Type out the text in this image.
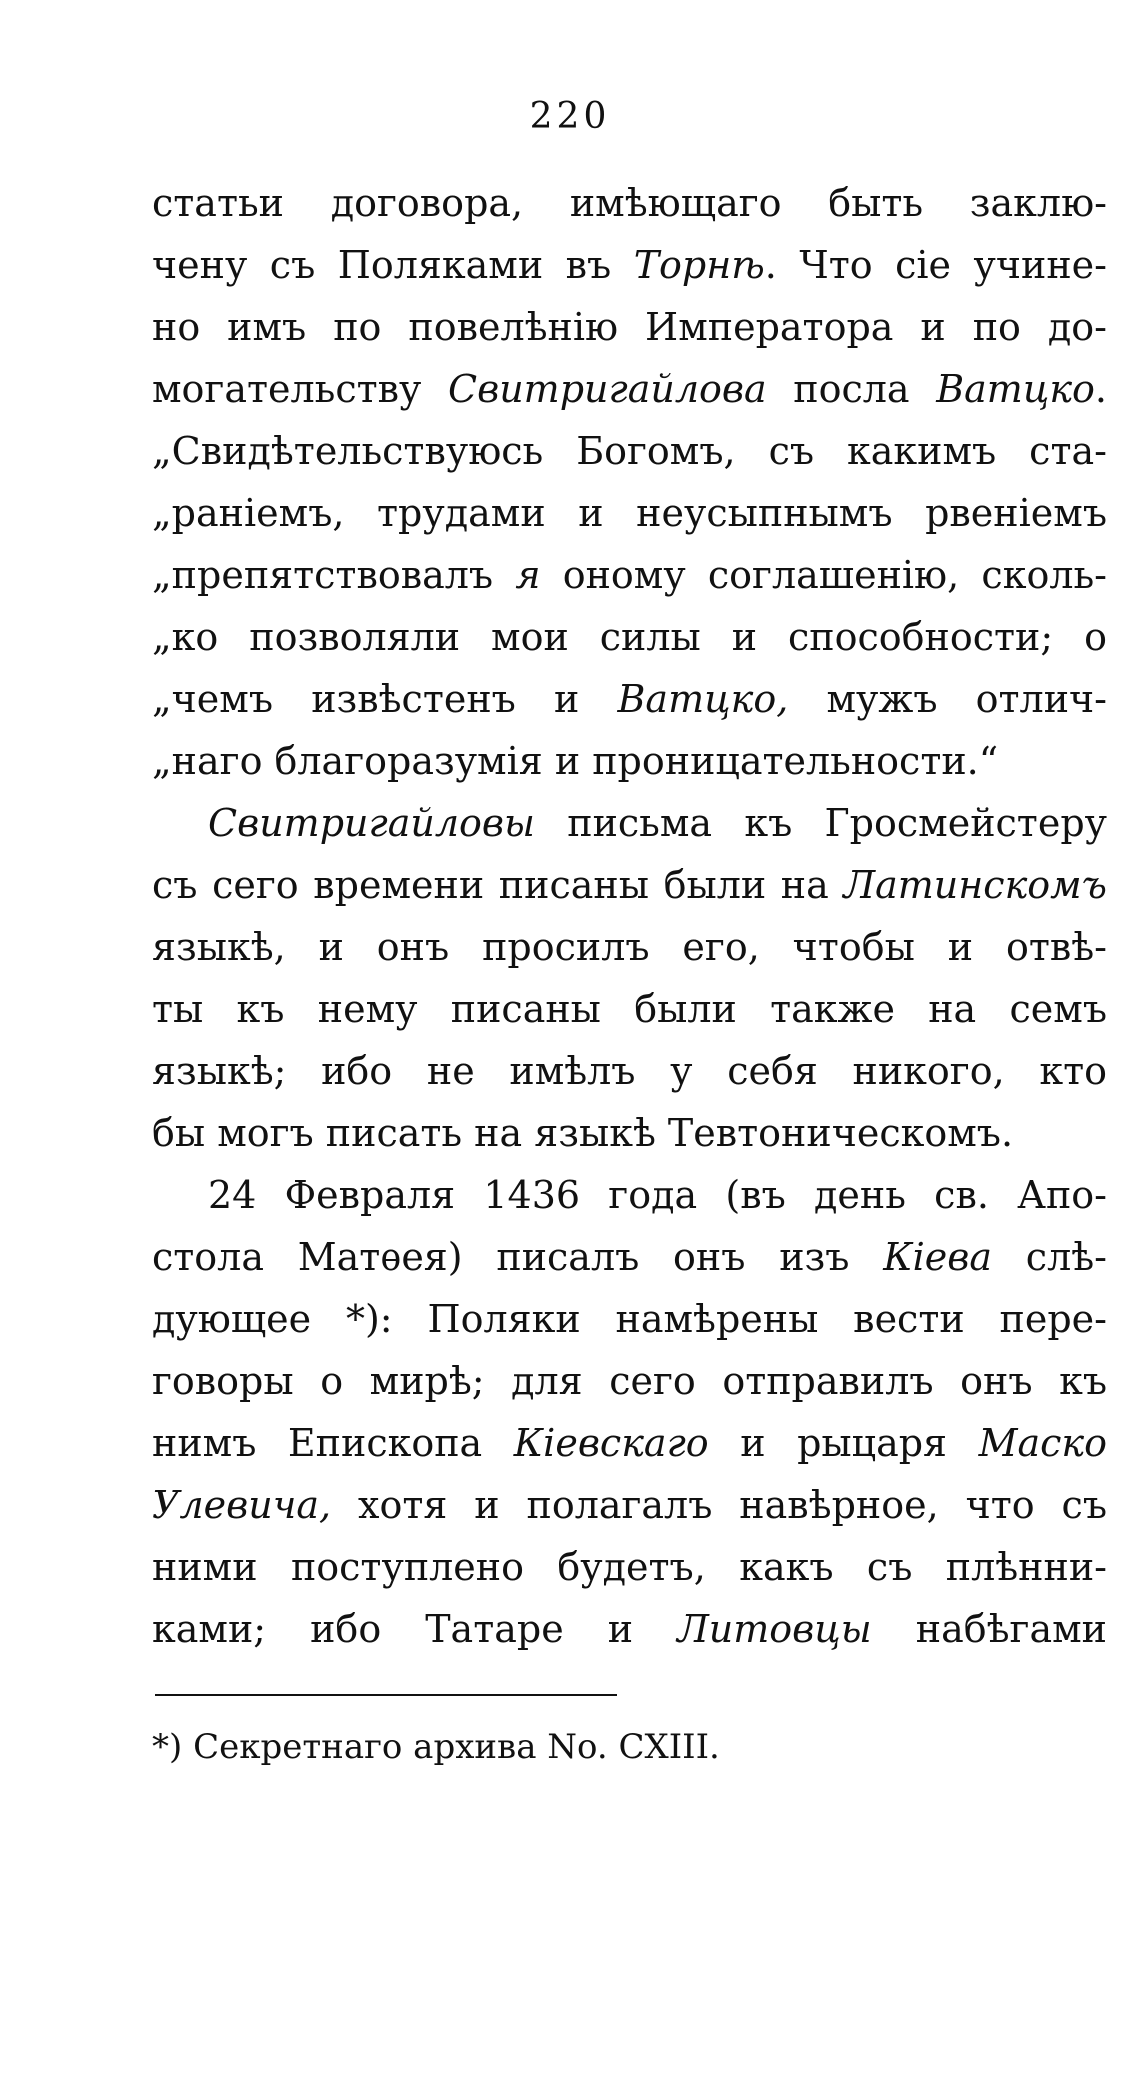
220
статьи договора, имѣющаго быть заклю-
чену съ Поляками въ Торнѣ. Что сіе учине-
но имъ по повелѣнію Императора и по до-
могательству Свитригайлова посла Ватцко.
„Свидѣтельствуюсь Богомъ, съ какимъ ста-
„раніемъ, трудами и неусыпнымъ рвеніемъ
„препятствовалъ я оному соглашенію, сколь-
„ко позволяли мои силы и способности; о
„чемъ извѣстенъ и Ватцко, мужъ отлич-
„наго благоразумія и проницательности.“
Свитригайловы письма къ Гросмейстеру
съ сего времени писаны были на Латинскомъ
языкѣ, и онъ просилъ его, чтобы и отвѣ-
ты къ нему писаны были также на семъ
языкѣ; ибо не имѣлъ у себя никого, кто
бы могъ писать на языкѣ Тевтоническомъ.
24 Февраля 1436 года (въ день св. Апо-
стола Матѳея) писалъ онъ изъ Кіева слѣ-
дующее *): Поляки намѣрены вести пере-
говоры о мирѣ; для сего отправилъ онъ къ
нимъ Епископа Кіевскаго и рыцаря Маско
Улевича, хотя и полагалъ навѣрное, что съ
ними поступлено будетъ, какъ съ плѣнни-
ками; ибо Татаре и Литовцы набѣгами
*) Секретнаго архива No. CXIII.
